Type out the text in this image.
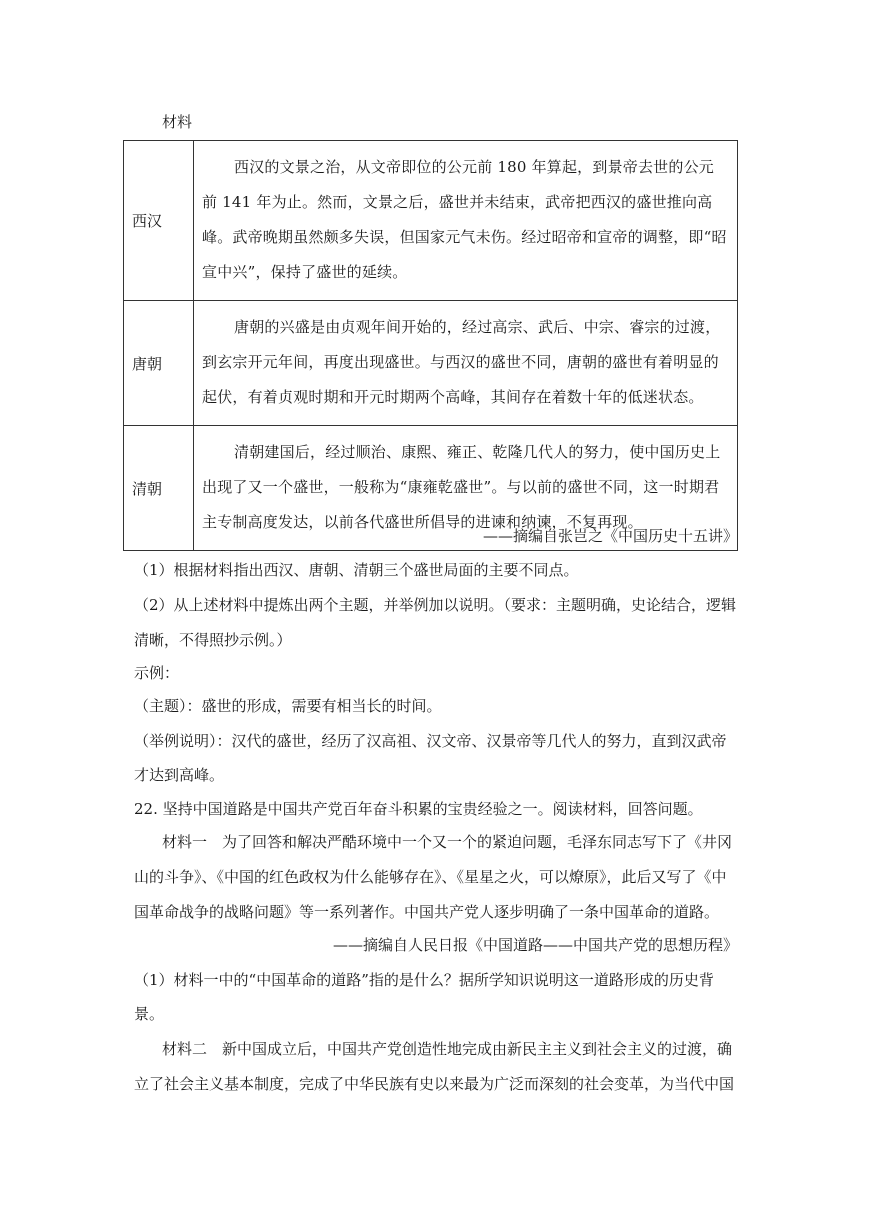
材料
西汉	西汉的文景之治，从文帝即位的公元前 180 年算起，到景帝去世的公元前 141 年为止。然而，文景之后，盛世并未结束，武帝把西汉的盛世推向高峰。武帝晚期虽然颇多失误，但国家元气未伤。经过昭帝和宣帝的调整，即“昭宣中兴”，保持了盛世的延续。

唐朝	唐朝的兴盛是由贞观年间开始的，经过高宗、武后、中宗、睿宗的过渡，到玄宗开元年间，再度出现盛世。与西汉的盛世不同，唐朝的盛世有着明显的起伏，有着贞观时期和开元时期两个高峰，其间存在着数十年的低迷状态。

清朝	清朝建国后，经过顺治、康熙、雍正、乾隆几代人的努力，使中国历史上出现了又一个盛世，一般称为“康雍乾盛世”。与以前的盛世不同，这一时期君主专制高度发达，以前各代盛世所倡导的进谏和纳谏，不复再现。
——摘编自张岂之《中国历史十五讲》
（1）根据材料指出西汉、唐朝、清朝三个盛世局面的主要不同点。
（2）从上述材料中提炼出两个主题，并举例加以说明。（要求：主题明确，史论结合，逻辑
清晰，不得照抄示例。）
示例：
（主题）：盛世的形成，需要有相当长的时间。
（举例说明）：汉代的盛世，经历了汉高祖、汉文帝、汉景帝等几代人的努力，直到汉武帝
才达到高峰。
22. 坚持中国道路是中国共产党百年奋斗积累的宝贵经验之一。阅读材料，回答问题。
材料一　为了回答和解决严酷环境中一个又一个的紧迫问题，毛泽东同志写下了《井冈
山的斗争》、《中国的红色政权为什么能够存在》、《星星之火，可以燎原》，此后又写了《中
国革命战争的战略问题》等一系列著作。中国共产党人逐步明确了一条中国革命的道路。
——摘编自人民日报《中国道路——中国共产党的思想历程》
（1）材料一中的“中国革命的道路”指的是什么？据所学知识说明这一道路形成的历史背
景。
材料二　新中国成立后，中国共产党创造性地完成由新民主主义到社会主义的过渡，确
立了社会主义基本制度，完成了中华民族有史以来最为广泛而深刻的社会变革，为当代中国
